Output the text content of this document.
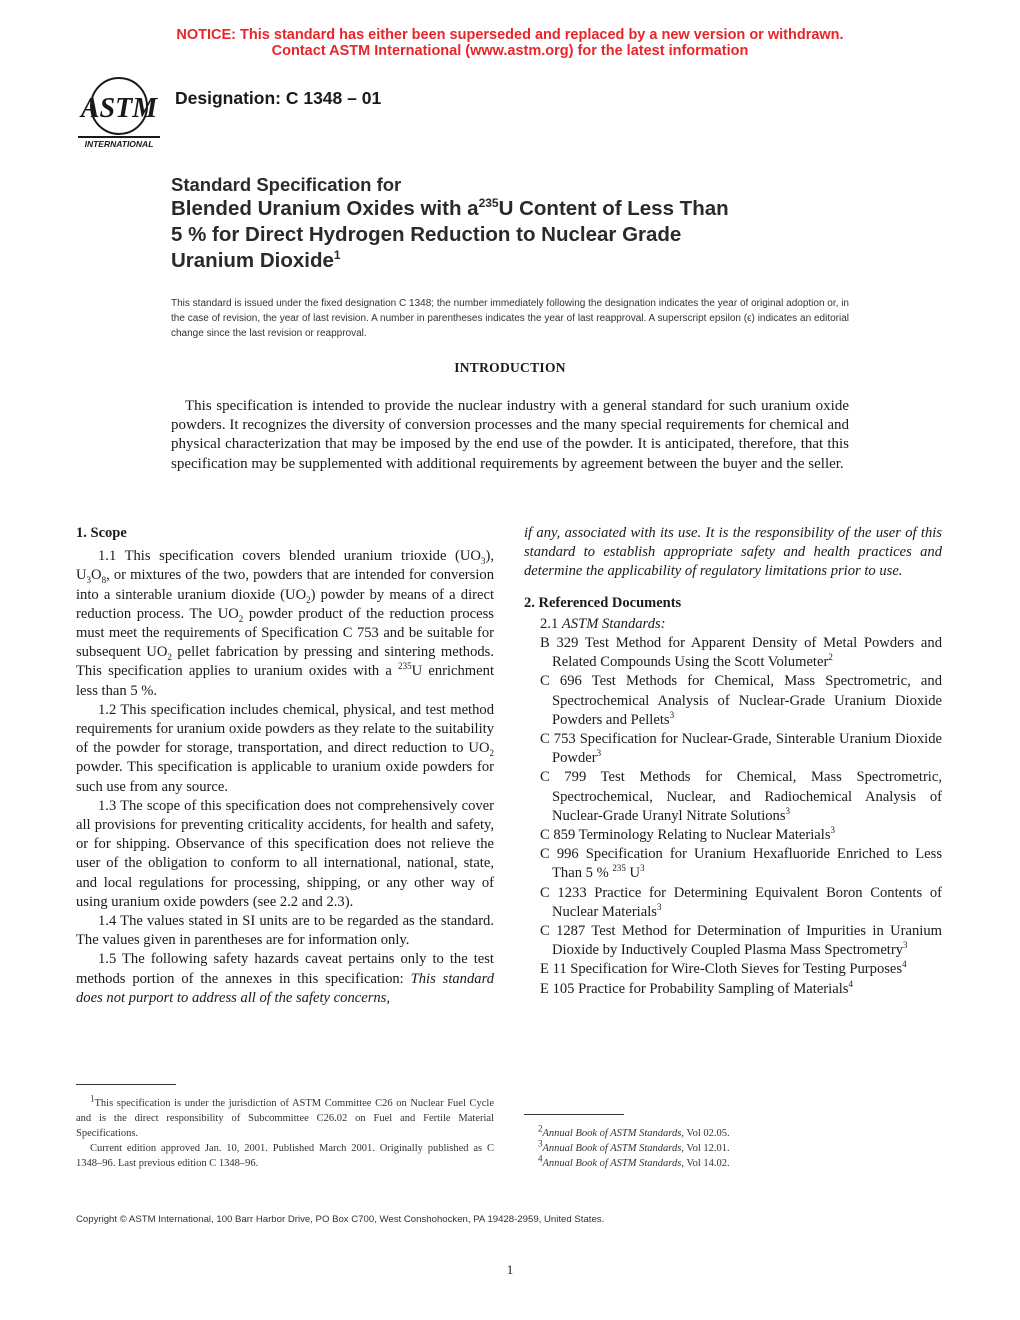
NOTICE: This standard has either been superseded and replaced by a new version or withdrawn.
Contact ASTM International (www.astm.org) for the latest information
ASTM
INTERNATIONAL
Designation: C 1348 – 01
Standard Specification for
Blended Uranium Oxides with $a^{235}U$ Content of Less Than
5 % for Direct Hydrogen Reduction to Nuclear Grade
Uranium Dioxide$^1$
This standard is issued under the fixed designation C 1348; the number immediately following the designation indicates the year of original adoption or, in the case of revision, the year of last revision. A number in parentheses indicates the year of last reapproval. A superscript epsilon (ϵ) indicates an editorial change since the last revision or reapproval.
INTRODUCTION
This specification is intended to provide the nuclear industry with a general standard for such uranium oxide powders. It recognizes the diversity of conversion processes and the many special requirements for chemical and physical characterization that may be imposed by the end use of the powder. It is anticipated, therefore, that this specification may be supplemented with additional requirements by agreement between the buyer and the seller.
1. Scope

1.1 This specification covers blended uranium trioxide $(UO_3)$, $U_3O_8$, or mixtures of the two, powders that are intended for conversion into a sinterable uranium dioxide $(UO_2)$ powder by means of a direct reduction process. The $UO_2$ powder product of the reduction process must meet the requirements of Specification C 753 and be suitable for subsequent $UO_2$ pellet fabrication by pressing and sintering methods. This specification applies to uranium oxides with a $^{235}$U enrichment less than 5 %.

1.2 This specification includes chemical, physical, and test method requirements for uranium oxide powders as they relate to the suitability of the powder for storage, transportation, and direct reduction to $UO_2$ powder. This specification is applicable to uranium oxide powders for such use from any source.

1.3 The scope of this specification does not comprehensively cover all provisions for preventing criticality accidents, for health and safety, or for shipping. Observance of this specification does not relieve the user of the obligation to conform to all international, national, state, and local regulations for processing, shipping, or any other way of using uranium oxide powders (see 2.2 and 2.3).

1.4 The values stated in SI units are to be regarded as the standard. The values given in parentheses are for information only.

1.5 The following safety hazards caveat pertains only to the test methods portion of the annexes in this specification: This standard does not purport to address all of the safety concerns,

if any, associated with its use. It is the responsibility of the user of this standard to establish appropriate safety and health practices and determine the applicability of regulatory limitations prior to use.

2. Referenced Documents
2.1 ASTM Standards:
B 329 Test Method for Apparent Density of Metal Powders and Related Compounds Using the Scott Volumeter$^2$
C 696 Test Methods for Chemical, Mass Spectrometric, and Spectrochemical Analysis of Nuclear-Grade Uranium Dioxide Powders and Pellets$^3$
C 753 Specification for Nuclear-Grade, Sinterable Uranium Dioxide Powder$^3$
C 799 Test Methods for Chemical, Mass Spectrometric, Spectrochemical, Nuclear, and Radiochemical Analysis of Nuclear-Grade Uranyl Nitrate Solutions$^3$
C 859 Terminology Relating to Nuclear Materials$^3$
C 996 Specification for Uranium Hexafluoride Enriched to Less Than 5 % $^{235}$ $U^3$
C 1233 Practice for Determining Equivalent Boron Contents of Nuclear Materials$^3$
C 1287 Test Method for Determination of Impurities in Uranium Dioxide by Inductively Coupled Plasma Mass Spectrometry$^3$
E 11 Specification for Wire-Cloth Sieves for Testing Purposes$^4$
E 105 Practice for Probability Sampling of Materials$^4$

$^1$This specification is under the jurisdiction of ASTM Committee C26 on Nuclear Fuel Cycle and is the direct responsibility of Subcommittee C26.02 on Fuel and Fertile Material Specifications.

Current edition approved Jan. 10, 2001. Published March 2001. Originally published as C 1348–96. Last previous edition C 1348–96.

$^2$Annual Book of ASTM Standards, Vol 02.05.

$^3$Annual Book of ASTM Standards, Vol 12.01.

$^4$Annual Book of ASTM Standards, Vol 14.02.

Copyright © ASTM International, 100 Barr Harbor Drive, PO Box C700, West Conshohocken, PA 19428-2959, United States.
1
